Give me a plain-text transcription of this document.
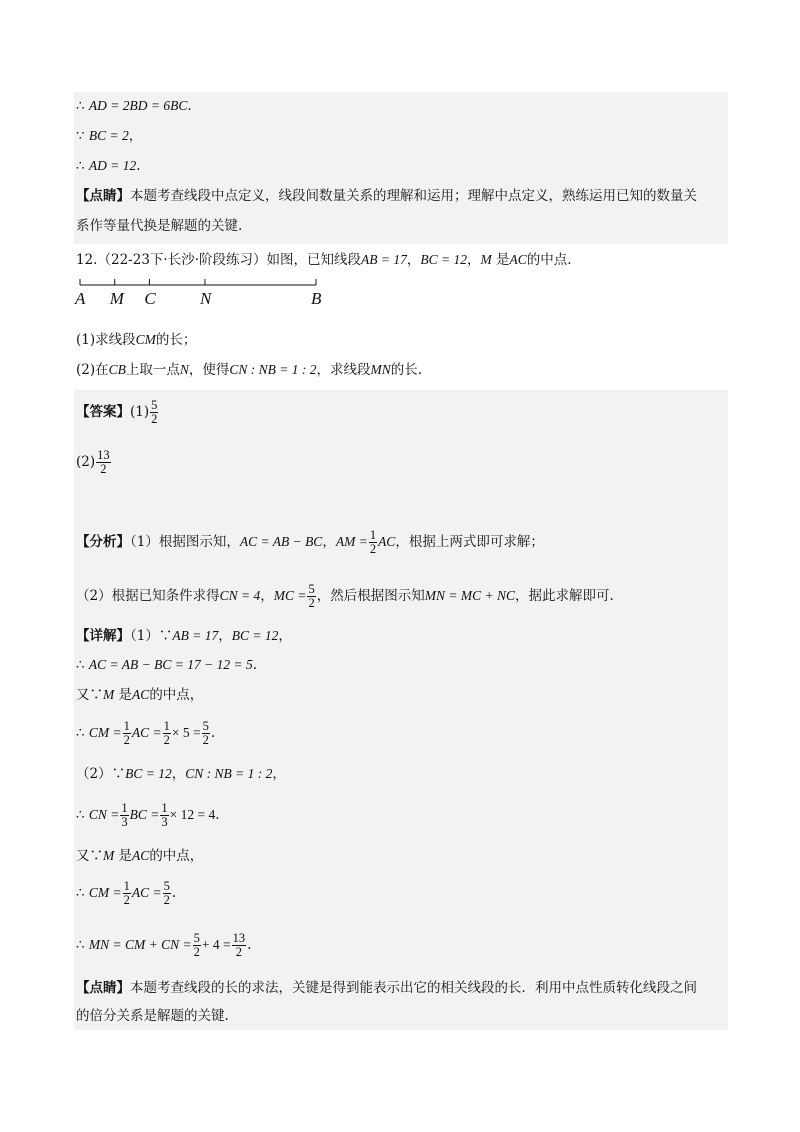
∴ AD = 2BD = 6BC.
∵ BC = 2，
∴ AD = 12.
【点睛】本题考查线段中点定义，线段间数量关系的理解和运用；理解中点定义，熟练运用已知的数量关
系作等量代换是解题的关键.
12.（22-23下·长沙·阶段练习）如图，已知线段AB = 17，BC = 12，M 是AC的中点.
A M C	N	B
(1)求线段CM的长；
(2)在CB上取一点N，使得CN : NB = 1 : 2，求线段MN的长.
【答案】$(1) \frac{5}{2}$
$(2) \frac{13}{2}$
【分析】（1）根据图示知，AC = AB − BC，AM = $\frac{1}{2}$ AC，根据上两式即可求解；
（2）根据已知条件求得CN = 4，MC = $\frac{5}{2}$ ，然后根据图示知MN = MC + NC，据此求解即可.
【详解】（1）∵AB = 17，BC = 12，
∴ AC = AB − BC = 17 − 12 = 5.
又∵M 是AC的中点，
∴ CM = $\frac{1}{2}$ AC = $\frac{1}{2} \times 5 = \frac{5}{2}$ .
（2）∵BC = 12，CN : NB = 1 : 2，
∴ CN = $\frac{1}{3}$ BC = $\frac{1}{3} \times 12 = 4$.
又∵M 是AC的中点，
∴ CM = $\frac{1}{2}$ AC = $\frac{5}{2}$ .
∴ MN = CM + CN = $\frac{5}{2} + 4 = \frac{13}{2}$ .
【点睛】本题考查线段的长的求法，关键是得到能表示出它的相关线段的长．利用中点性质转化线段之间
的倍分关系是解题的关键.
